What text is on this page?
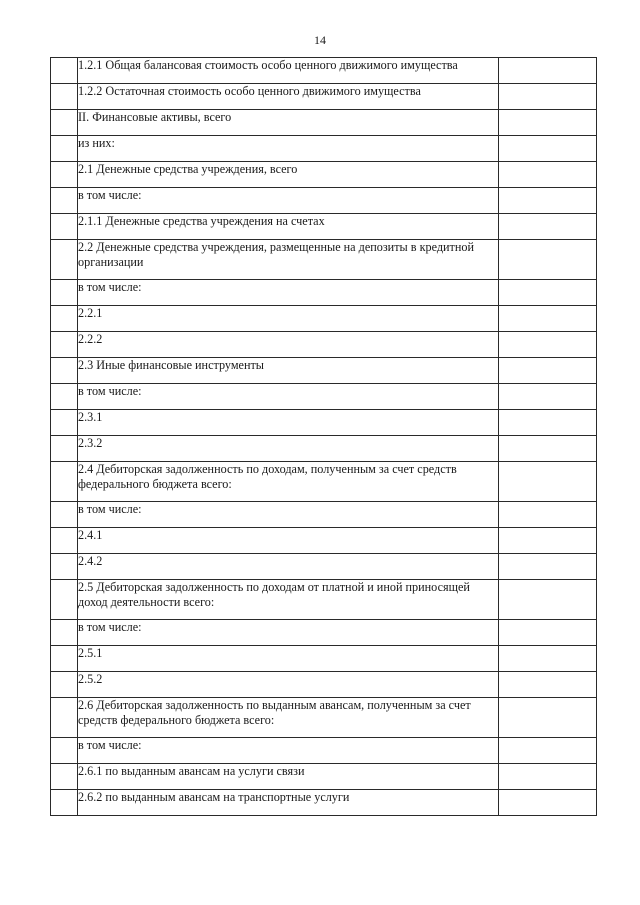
14
	1.2.1 Общая балансовая стоимость особо ценного движимого имущества	
	1.2.2 Остаточная стоимость особо ценного движимого имущества	
	II. Финансовые активы, всего	
	из них:	
	2.1 Денежные средства учреждения, всего	
	в том числе:	
	2.1.1 Денежные средства учреждения на счетах	
	2.2 Денежные средства учреждения, размещенные на депозиты в кредитной организации	
	в том числе:	
	2.2.1	
	2.2.2	
	2.3 Иные финансовые инструменты	
	в том числе:	
	2.3.1	
	2.3.2	
	2.4 Дебиторская задолженность по доходам, полученным за счет средств федерального бюджета всего:	
	в том числе:	
	2.4.1	
	2.4.2	
	2.5 Дебиторская задолженность по доходам от платной и иной приносящей доход деятельности всего:	
	в том числе:	
	2.5.1	
	2.5.2	
	2.6 Дебиторская задолженность по выданным авансам, полученным за счет средств федерального бюджета всего:	
	в том числе:	
	2.6.1 по выданным авансам на услуги связи	
	2.6.2 по выданным авансам на транспортные услуги	
